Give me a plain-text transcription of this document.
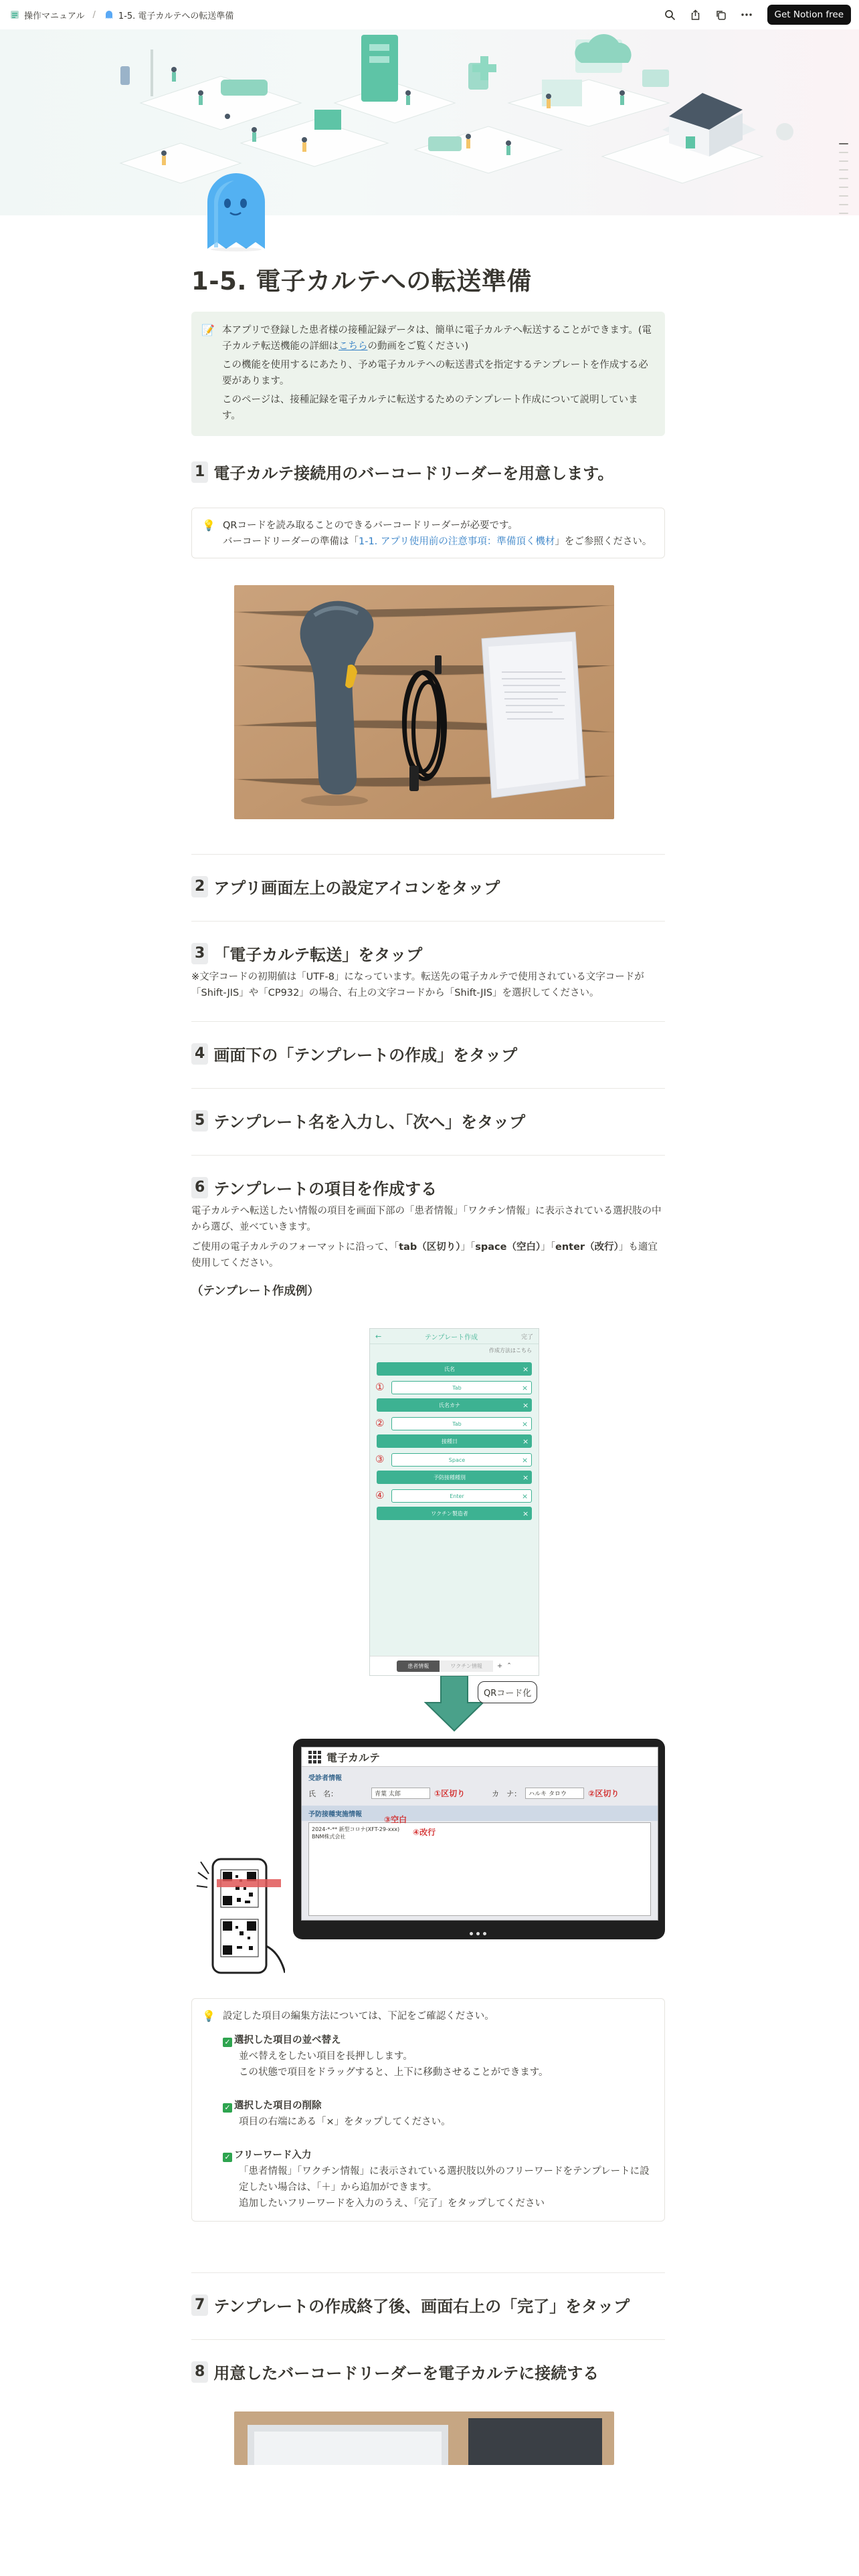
操作マニュアル /	1-5. 電子カルテへの転送準備	Get Notion free
1-5. 電子カルテへの転送準備
📝 本アプリで登録した患者様の接種記録データは、簡単に電子カルテへ転送することができます。(電子カルテ転送機能の詳細はこちらの動画をご覧ください)

この機能を使用するにあたり、予め電子カルテへの転送書式を指定するテンプレートを作成する必要があります。

このページは、接種記録を電子カルテに転送するためのテンプレート作成について説明しています。

1 電子カルテ接続用のバーコードリーダーを用意します。
💡 QRコードを読み取ることのできるバーコードリーダーが必要です。

バーコードリーダーの準備は「1-1. アプリ使用前の注意事項：準備頂く機材」をご参照ください。

2 アプリ画面左上の設定アイコンをタップ
3 「電子カルテ転送」をタップ

※文字コードの初期値は「UTF-8」になっています。転送先の電子カルテで使用されている文字コードが「Shift-JIS」や「CP932」の場合、右上の文字コードから「Shift-JIS」を選択してください。

4 画面下の「テンプレートの作成」をタップ
5 テンプレート名を入力し、「次へ」をタップ
6 テンプレートの項目を作成する

電子カルテへ転送したい情報の項目を画面下部の「患者情報」「ワクチン情報」に表示されている選択肢の中から選び、並べていきます。

ご使用の電子カルテのフォーマットに沿って、「tab（区切り）」「space（空白）」「enter（改行）」も適宜使用してください。

（テンプレート作成例）
←	テンプレート作成	完了
作成方法はこちら
氏名	×
①	Tab	×
氏名カナ	×
②	Tab	×
接種日	×
③	Space	×
予防接種種別	×
④	Enter	×
ワクチン製造者	×
患者情報	ワクチン情報	+ ⌃
QRコード化
電子カルテ
受診者情報
氏　名：	青葉 太郎	①区切り	カ　ナ：	ハルキ タロウ	②区切り
予防接種実施情報
2024-*-** 新型コロナ(XFT-29-xxx)
BNM株式会社
③空白
④改行
💡 設定した項目の編集方法については、下記をご確認ください。

✓ 選択した項目の並べ替え

並べ替えをしたい項目を長押しします。

この状態で項目をドラッグすると、上下に移動させることができます。

✓ 選択した項目の削除

項目の右端にある「×」をタップしてください。

✓ フリーワード入力

「患者情報」「ワクチン情報」に表示されている選択肢以外のフリーワードをテンプレートに設定したい場合は、「＋」から追加ができます。

追加したいフリーワードを入力のうえ、「完了」をタップしてください

7 テンプレートの作成終了後、画面右上の「完了」をタップ
8 用意したバーコードリーダーを電子カルテに接続する
